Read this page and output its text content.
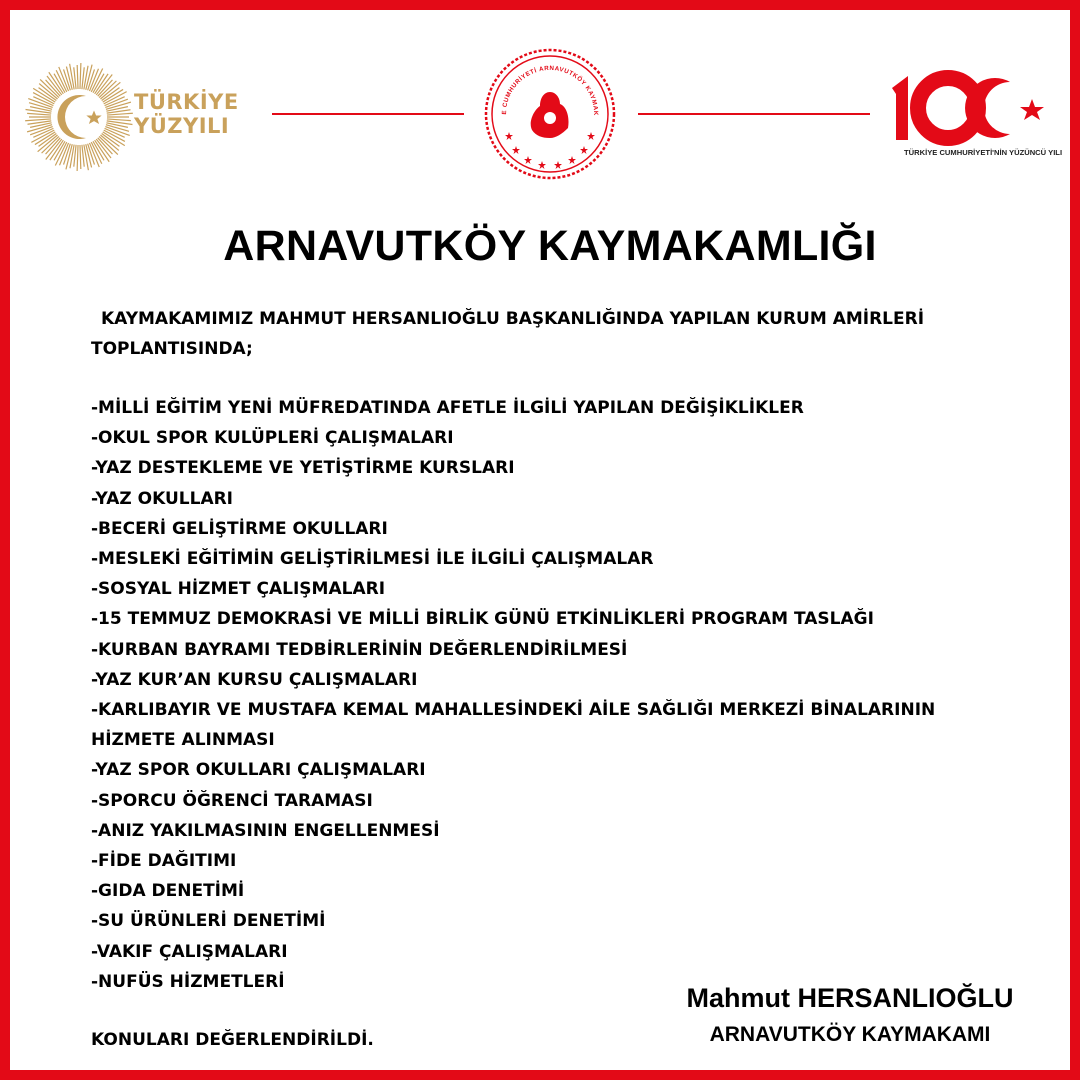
TÜRKİYE
YÜZYILI
E CUMHURİYETİ ARNAVUTKÖY KAYMAK
TÜRKİYE CUMHURİYETİ'NİN YÜZÜNCÜ YILI
ARNAVUTKÖY KAYMAKAMLIĞI
KAYMAKAMIMIZ MAHMUT HERSANLIOĞLU BAŞKANLIĞINDA YAPILAN KURUM AMİRLERİ
TOPLANTISINDA;
-MİLLİ EĞİTİM YENİ MÜFREDATINDA AFETLE İLGİLİ YAPILAN DEĞİŞİKLİKLER
-OKUL SPOR KULÜPLERİ ÇALIŞMALARI
-YAZ DESTEKLEME VE YETİŞTİRME KURSLARI
-YAZ OKULLARI
-BECERİ GELİŞTİRME OKULLARI
-MESLEKİ EĞİTİMİN GELİŞTİRİLMESİ İLE İLGİLİ ÇALIŞMALAR
-SOSYAL HİZMET ÇALIŞMALARI
-15 TEMMUZ DEMOKRASİ VE MİLLİ BİRLİK GÜNÜ ETKİNLİKLERİ PROGRAM TASLAĞI
-KURBAN BAYRAMI TEDBİRLERİNİN DEĞERLENDİRİLMESİ
-YAZ KUR’AN KURSU ÇALIŞMALARI
-KARLIBAYIR VE MUSTAFA KEMAL MAHALLESİNDEKİ AİLE SAĞLIĞI MERKEZİ BİNALARININ
HİZMETE ALINMASI
-YAZ SPOR OKULLARI ÇALIŞMALARI
-SPORCU ÖĞRENCİ TARAMASI
-ANIZ YAKILMASININ ENGELLENMESİ
-FİDE DAĞITIMI
-GIDA DENETİMİ
-SU ÜRÜNLERİ DENETİMİ
-VAKIF ÇALIŞMALARI
-NUFÜS HİZMETLERİ
KONULARI DEĞERLENDİRİLDİ.
Mahmut HERSANLIOĞLU
ARNAVUTKÖY KAYMAKAMI
